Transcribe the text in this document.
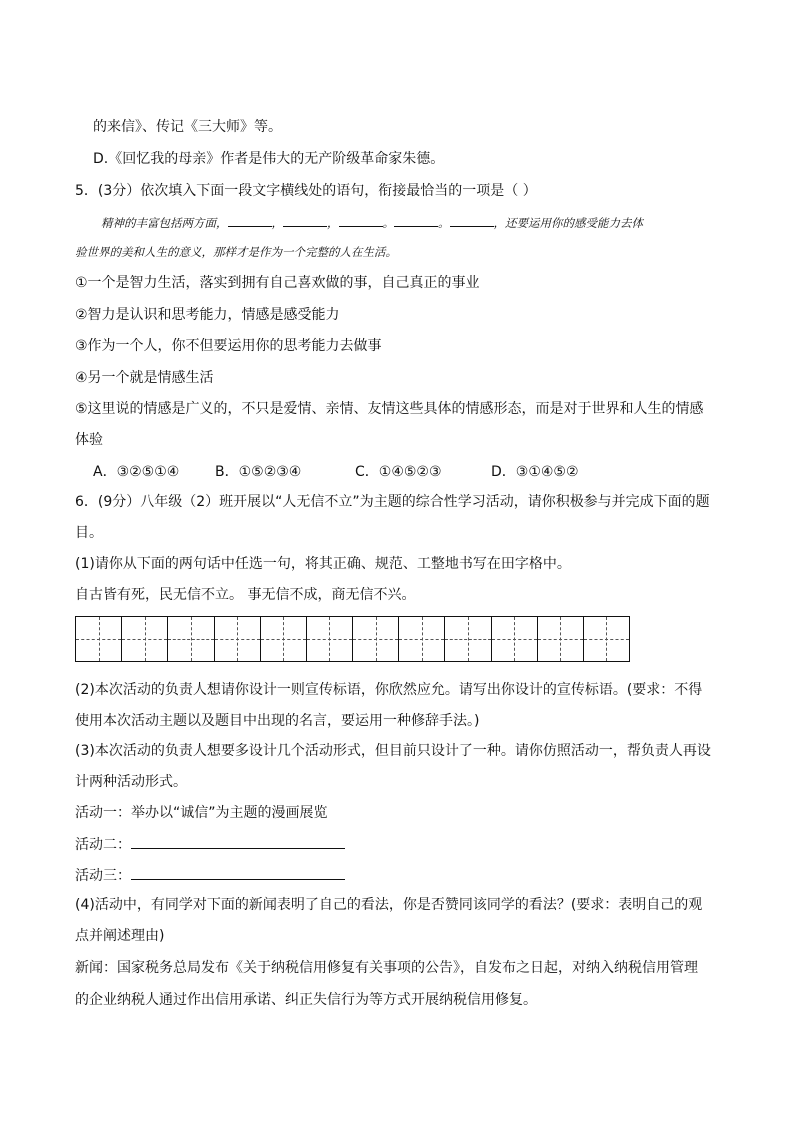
的来信》、传记《三大师》等。
D.《回忆我的母亲》作者是伟大的无产阶级革命家朱德。
5．(3分）依次填入下面一段文字横线处的语句，衔接最恰当的一项是（ ）
精神的丰富包括两方面，	，	，	。	。	，还要运用你的感受能力去体
验世界的美和人生的意义，那样才是作为一个完整的人在生活。
①一个是智力生活，落实到拥有自己喜欢做的事，自己真正的事业
②智力是认识和思考能力，情感是感受能力
③作为一个人，你不但要运用你的思考能力去做事
④另一个就是情感生活
⑤这里说的情感是广义的，不只是爱情、亲情、友情这些具体的情感形态，而是对于世界和人生的情感
体验
A．③②⑤①④	B．①⑤②③④	C．①④⑤②③	D．③①④⑤②
6．(9分）八年级（2）班开展以“人无信不立”为主题的综合性学习活动，请你积极参与并完成下面的题
目。
(1)请你从下面的两句话中任选一句，将其正确、规范、工整地书写在田字格中。
自古皆有死，民无信不立。 事无信不成，商无信不兴。
(2)本次活动的负责人想请你设计一则宣传标语，你欣然应允。请写出你设计的宣传标语。(要求：不得
使用本次活动主题以及题目中出现的名言，要运用一种修辞手法。)
(3)本次活动的负责人想要多设计几个活动形式，但目前只设计了一种。请你仿照活动一，帮负责人再设
计两种活动形式。
活动一：举办以“诚信”为主题的漫画展览
活动二：
活动三：
(4)活动中，有同学对下面的新闻表明了自己的看法，你是否赞同该同学的看法？(要求：表明自己的观
点并阐述理由)
新闻：国家税务总局发布《关于纳税信用修复有关事项的公告》，自发布之日起，对纳入纳税信用管理
的企业纳税人通过作出信用承诺、纠正失信行为等方式开展纳税信用修复。
